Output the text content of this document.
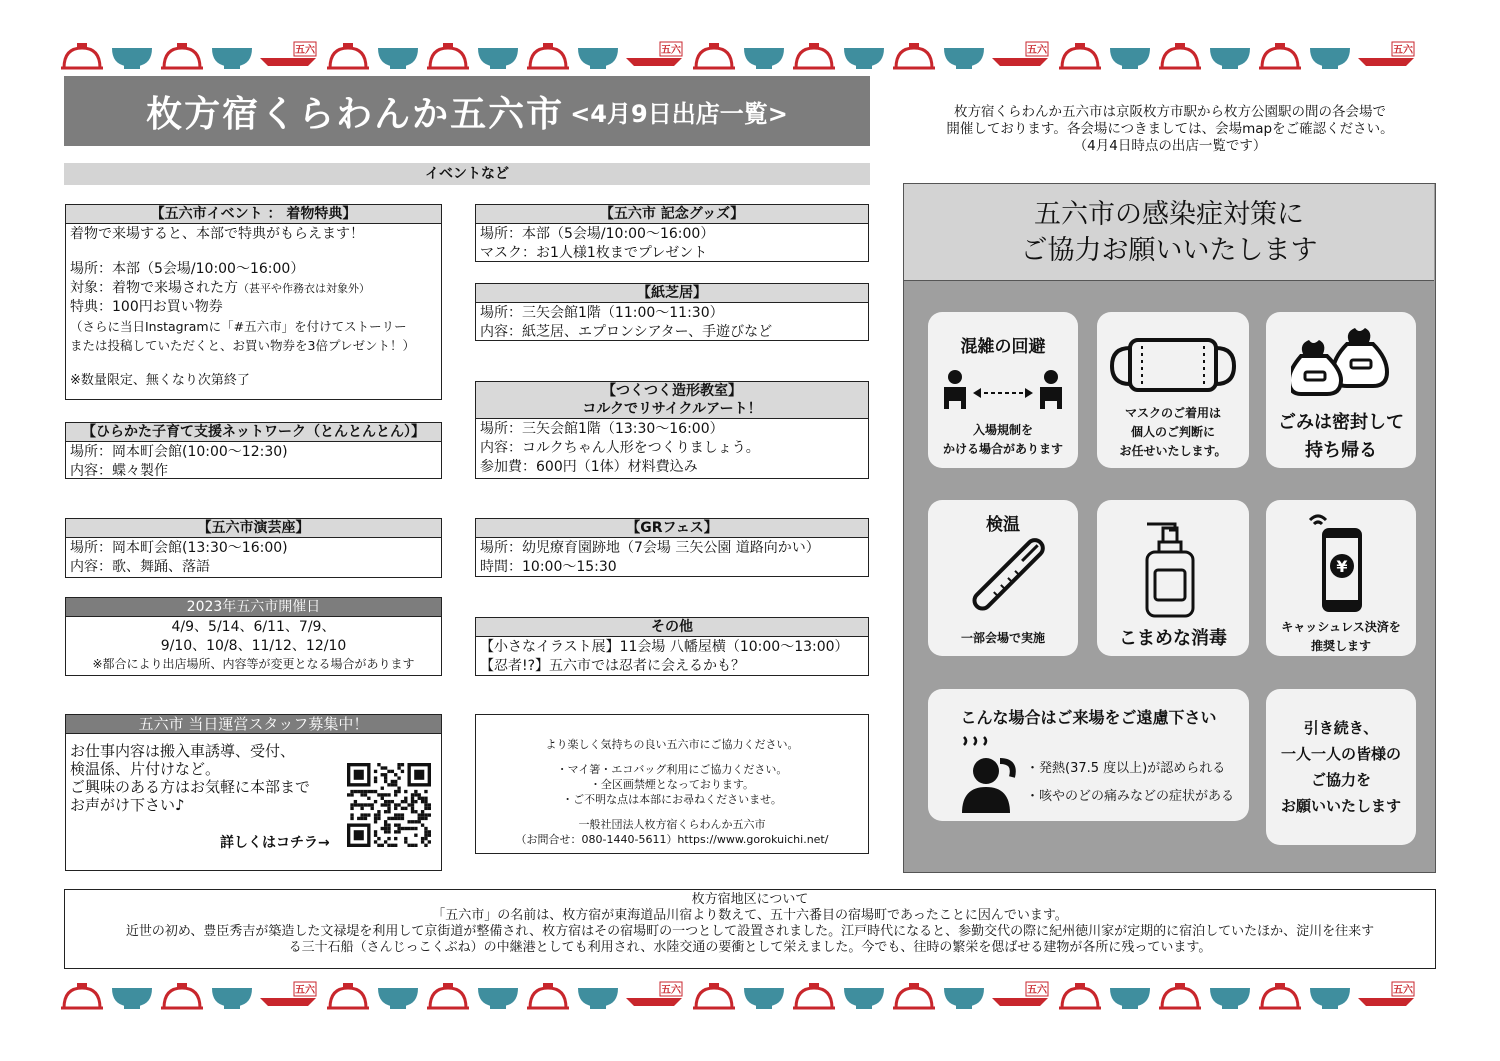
五六	五六	五六	五六
五六	五六	五六	五六
枚方宿くらわんか五六市 <4月9日出店一覧>	枚方宿くらわんか五六市は京阪枚方市駅から枚方公園駅の間の各会場で
開催しております。各会場につきましては、会場mapをご確認ください。
（4月4日時点の出店一覧です）
イベントなど
【五六市イベント ： 着物特典】
着物で来場すると、本部で特典がもらえます！
場所：本部（5会場/10:00～16:00）
対象：着物で来場された方（甚平や作務衣は対象外）
特典：100円お買い物券
（さらに当日Instagramに「#五六市」を付けてストーリー
または投稿していただくと、お買い物券を3倍プレゼント！）
※数量限定、無くなり次第終了
【ひらかた子育て支援ネットワーク（とんとんとん）】
場所：岡本町会館(10:00～12:30)
内容：蝶々製作
【五六市演芸座】
場所：岡本町会館(13:30～16:00)
内容：歌、舞踊、落語
2023年五六市開催日
4/9、5/14、6/11、7/9、
9/10、10/8、11/12、12/10
※都合により出店場所、内容等が変更となる場合があります
五六市 当日運営スタッフ募集中！
お仕事内容は搬入車誘導、受付、
検温係、片付けなど。
ご興味のある方はお気軽に本部まで
お声がけ下さい♪
詳しくはコチラ→
【五六市 記念グッズ】
場所：本部（5会場/10:00～16:00）
マスク：お1人様1枚までプレゼント
【紙芝居】
場所：三矢会館1階（11:00～11:30）
内容：紙芝居、エプロンシアター、手遊びなど
【つくつく造形教室】
コルクでリサイクルアート！
場所：三矢会館1階（13:30～16:00）
内容：コルクちゃん人形をつくりましょう。
参加費：600円（1体）材料費込み
【GRフェス】
場所：幼児療育園跡地（7会場 三矢公園 道路向かい）
時間：10:00～15:30
その他
【小さなイラスト展】11会場 八幡屋横（10:00～13:00）
【忍者!?】五六市では忍者に会えるかも？
より楽しく気持ちの良い五六市にご協力ください。
・マイ箸・エコバッグ利用にご協力ください。
・全区画禁煙となっております。
・ご不明な点は本部にお尋ねくださいませ。
一般社団法人枚方宿くらわんか五六市
（お問合せ：080-1440-5611）https://www.gorokuichi.net/
五六市の感染症対策に
ご協力お願いいたします
混雑の回避
入場規制を
かける場合があります
マスクのご着用は
個人のご判断に
お任せいたします。
ごみは密封して
持ち帰る
検温
一部会場で実施	こまめな消毒
¥
キャッシュレス決済を
推奨します
こんな場合はご来場をご遠慮下さい
・発熱(37.5 度以上)が認められる
・咳やのどの痛みなどの症状がある
引き続き、
一人一人の皆様の
ご協力を
お願いいたします
枚方宿地区について
「五六市」の名前は、枚方宿が東海道品川宿より数えて、五十六番目の宿場町であったことに因んでいます。
近世の初め、豊臣秀吉が築造した文禄堤を利用して京街道が整備され、枚方宿はその宿場町の一つとして設置されました。江戸時代になると、参勤交代の際に紀州徳川家が定期的に宿泊していたほか、淀川を往来す
る三十石船（さんじっこくぶね）の中継港としても利用され、水陸交通の要衝として栄えました。今でも、往時の繁栄を偲ばせる建物が各所に残っています。
